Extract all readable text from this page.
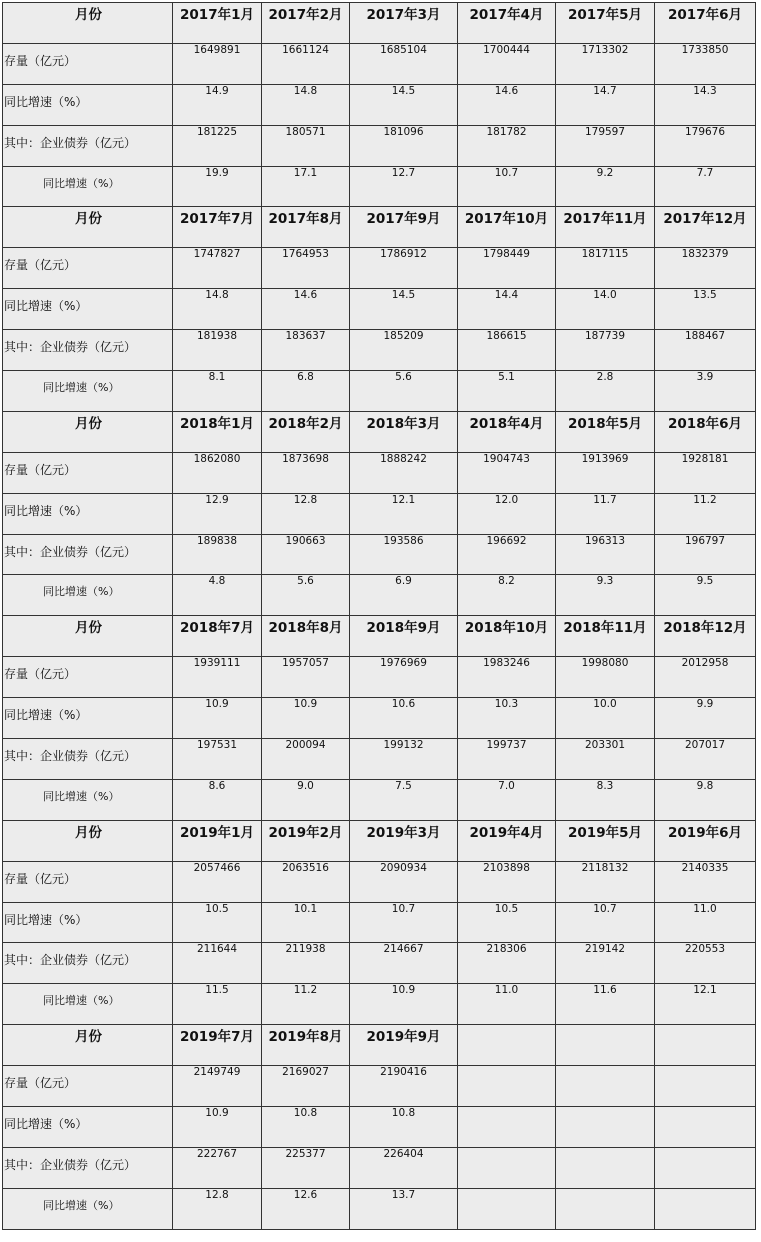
月份	2017年1月	2017年2月	2017年3月	2017年4月	2017年5月	2017年6月
存量（亿元）	1649891	1661124	1685104	1700444	1713302	1733850
同比增速（%）	14.9	14.8	14.5	14.6	14.7	14.3
其中：企业债券（亿元）	181225	180571	181096	181782	179597	179676
同比增速（%）	19.9	17.1	12.7	10.7	9.2	7.7
月份	2017年7月	2017年8月	2017年9月	2017年10月	2017年11月	2017年12月
存量（亿元）	1747827	1764953	1786912	1798449	1817115	1832379
同比增速（%）	14.8	14.6	14.5	14.4	14.0	13.5
其中：企业债券（亿元）	181938	183637	185209	186615	187739	188467
同比增速（%）	8.1	6.8	5.6	5.1	2.8	3.9
月份	2018年1月	2018年2月	2018年3月	2018年4月	2018年5月	2018年6月
存量（亿元）	1862080	1873698	1888242	1904743	1913969	1928181
同比增速（%）	12.9	12.8	12.1	12.0	11.7	11.2
其中：企业债券（亿元）	189838	190663	193586	196692	196313	196797
同比增速（%）	4.8	5.6	6.9	8.2	9.3	9.5
月份	2018年7月	2018年8月	2018年9月	2018年10月	2018年11月	2018年12月
存量（亿元）	1939111	1957057	1976969	1983246	1998080	2012958
同比增速（%）	10.9	10.9	10.6	10.3	10.0	9.9
其中：企业债券（亿元）	197531	200094	199132	199737	203301	207017
同比增速（%）	8.6	9.0	7.5	7.0	8.3	9.8
月份	2019年1月	2019年2月	2019年3月	2019年4月	2019年5月	2019年6月
存量（亿元）	2057466	2063516	2090934	2103898	2118132	2140335
同比增速（%）	10.5	10.1	10.7	10.5	10.7	11.0
其中：企业债券（亿元）	211644	211938	214667	218306	219142	220553
同比增速（%）	11.5	11.2	10.9	11.0	11.6	12.1
月份	2019年7月	2019年8月	2019年9月			
存量（亿元）	2149749	2169027	2190416			
同比增速（%）	10.9	10.8	10.8			
其中：企业债券（亿元）	222767	225377	226404			
同比增速（%）	12.8	12.6	13.7			
